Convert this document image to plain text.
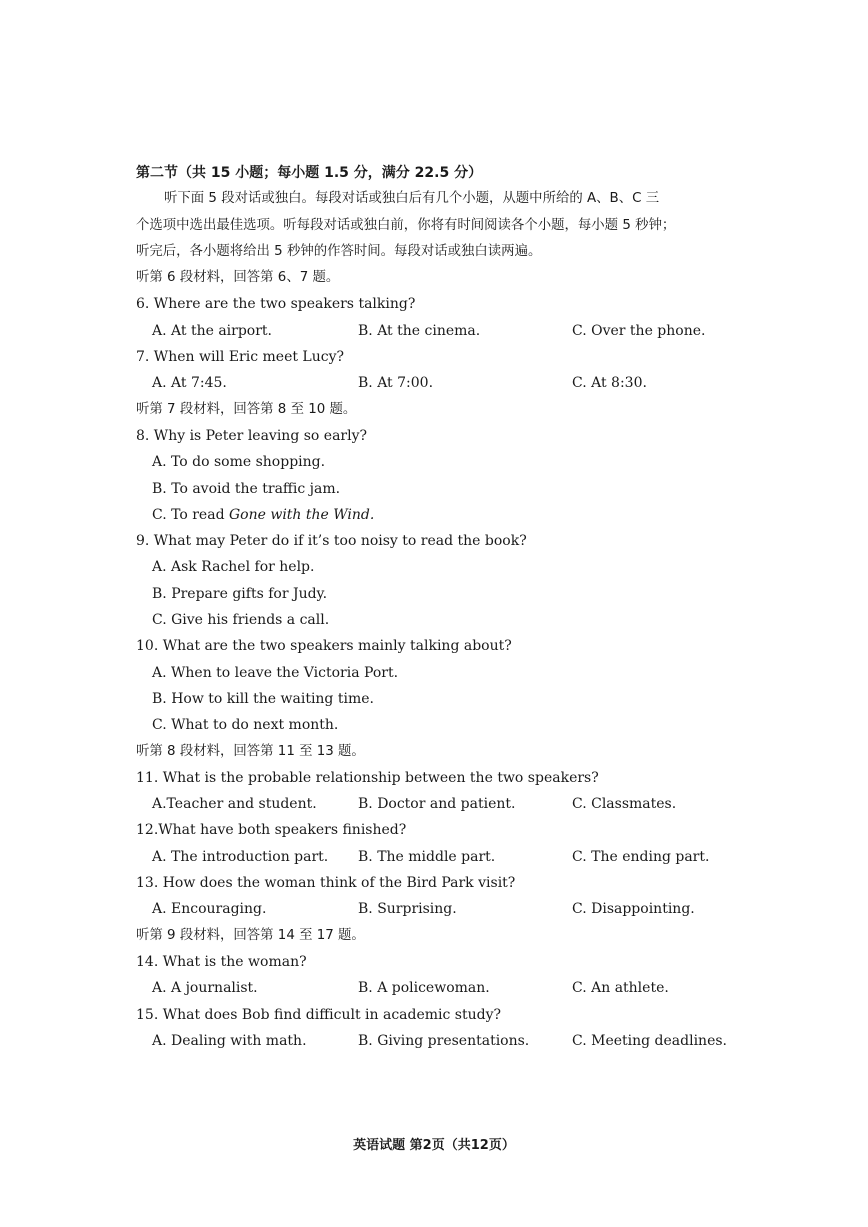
第二节（共 15 小题；每小题 1.5 分，满分 22.5 分）
听下面 5 段对话或独白。每段对话或独白后有几个小题，从题中所给的 A、B、C 三
个选项中选出最佳选项。听每段对话或独白前，你将有时间阅读各个小题，每小题 5 秒钟；
听完后，各小题将给出 5 秒钟的作答时间。每段对话或独白读两遍。
听第 6 段材料，回答第 6、7 题。
6. Where are the two speakers talking?
A. At the airport.	B. At the cinema.	C. Over the phone.
7. When will Eric meet Lucy?
A. At 7:45.	B. At 7:00.	C. At 8:30.
听第 7 段材料，回答第 8 至 10 题。
8. Why is Peter leaving so early?
A. To do some shopping.
B. To avoid the traffic jam.
C. To read Gone with the Wind.
9. What may Peter do if it’s too noisy to read the book?
A. Ask Rachel for help.
B. Prepare gifts for Judy.
C. Give his friends a call.
10. What are the two speakers mainly talking about?
A. When to leave the Victoria Port.
B. How to kill the waiting time.
C. What to do next month.
听第 8 段材料，回答第 11 至 13 题。
11. What is the probable relationship between the two speakers?
A.Teacher and student.	B. Doctor and patient.	C. Classmates.
12.What have both speakers finished?
A. The introduction part.	B. The middle part.	C. The ending part.
13. How does the woman think of the Bird Park visit?
A. Encouraging.	B. Surprising.	C. Disappointing.
听第 9 段材料，回答第 14 至 17 题。
14. What is the woman?
A. A journalist.	B. A policewoman.	C. An athlete.
15. What does Bob find difficult in academic study?
A. Dealing with math.	B. Giving presentations.	C. Meeting deadlines.
英语试题 第2页（共12页）
